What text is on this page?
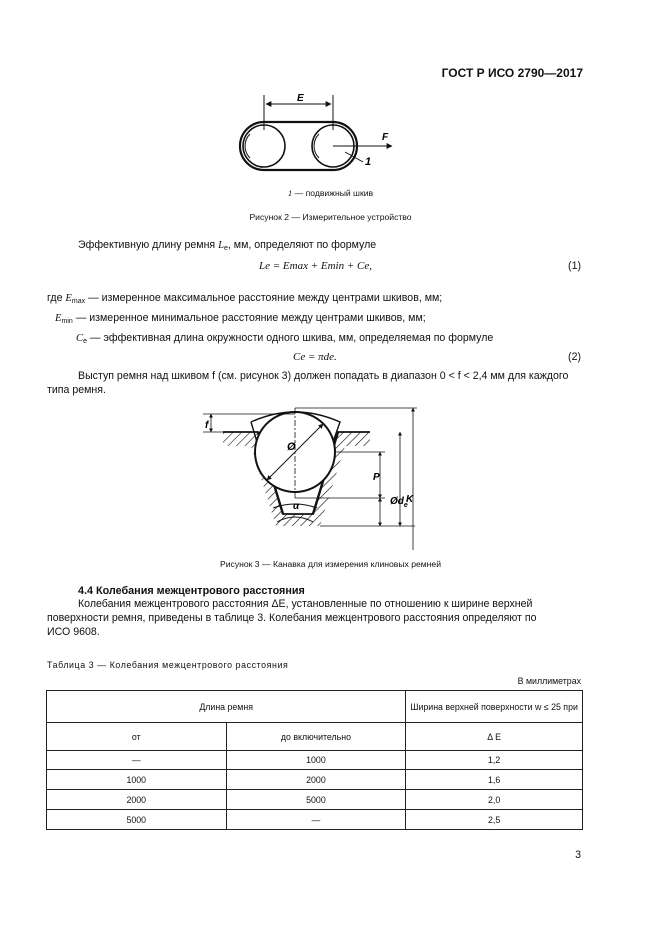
ГОСТ Р ИСО 2790—2017
E
F
1
1 — подвижный шкив
Рисунок 2 — Измерительное устройство
Эффективную длину ремня $L_е$, мм, определяют по формуле
Lе = Emax + Emin + Cе,	(1)
где $E_{max}$ — измеренное максимальное расстояние между центрами шкивов, мм;
$E_{min}$ — измеренное минимальное расстояние между центрами шкивов, мм;
$C_е$ — эффективная длина окружности одного шкива, мм, определяемая по формуле
Cе = πdе.	(2)
Выступ ремня над шкивом f (см. рисунок 3) должен попадать в диапазон 0 < f < 2,4 мм для каждого
типа ремня.
f
Ø
α
P
$Ød_e$
K
Рисунок 3 — Канавка для измерения клиновых ремней
4.4 Колебания межцентрового расстояния
Колебания межцентрового расстояния ΔE, установленные по отношению к ширине верхней
поверхности ремня, приведены в таблице 3. Колебания межцентрового расстояния определяют по
ИСО 9608.
Таблица 3 — Колебания межцентрового расстояния
В миллиметрах
Длина ремня		Ширина верхней поверхности w ≤ 25 при
от	до включительно	Δ E
—	1000	1,2
1000	2000	1,6
2000	5000	2,0
5000	—	2,5
3
